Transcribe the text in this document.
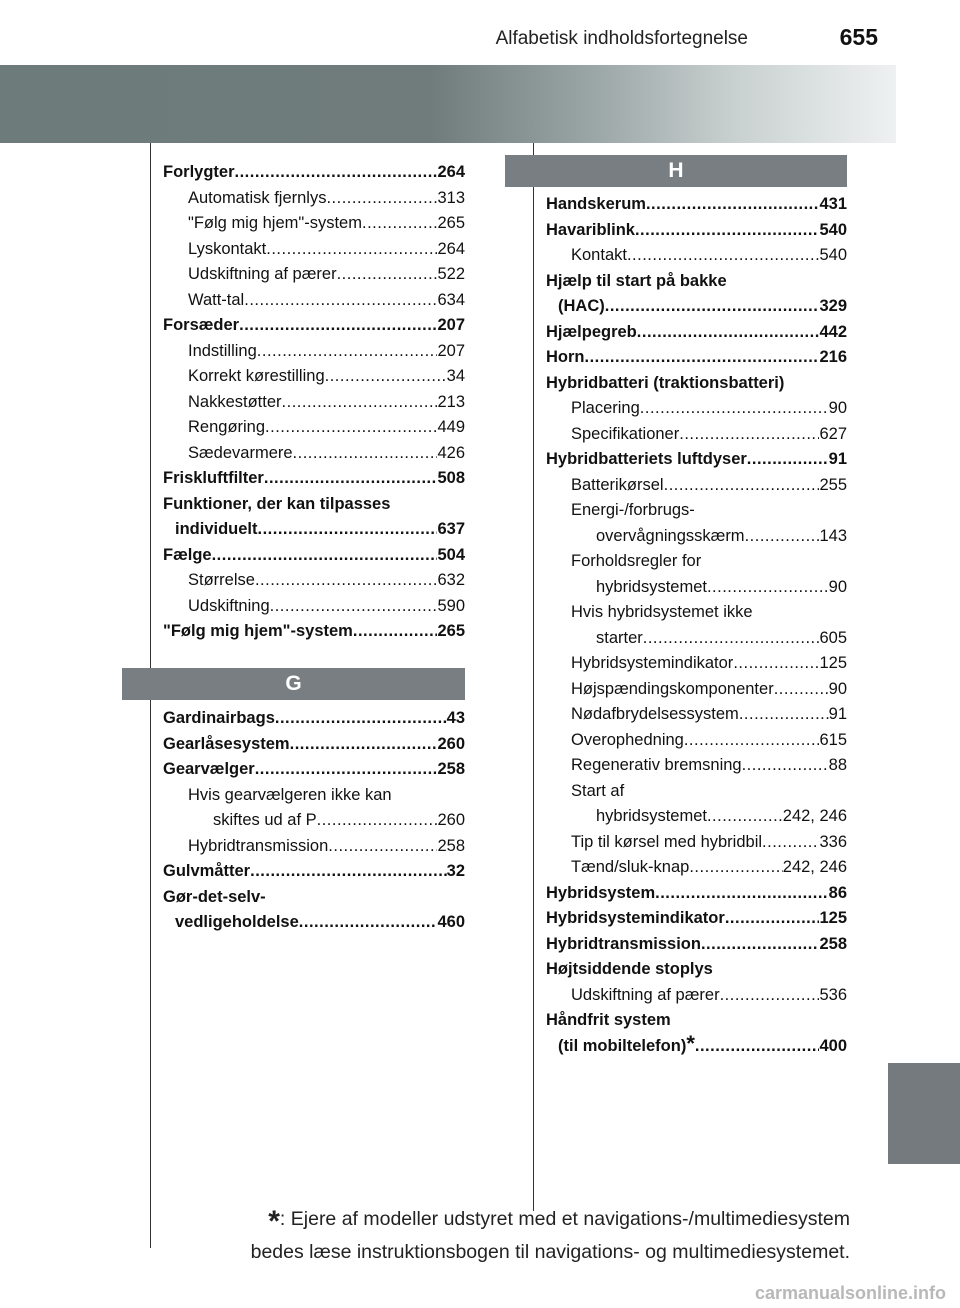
Alfabetisk indholdsfortegnelse	655
H
G
Forlygter .....	264
Automatisk fjernlys .....	313
"Følg mig hjem"-system .....	265
Lyskontakt .....	264
Udskiftning af pærer .....	522
Watt-tal .....	634
Forsæder .....	207
Indstilling .....	207
Korrekt kørestilling .....	34
Nakkestøtter .....	213
Rengøring .....	449
Sædevarmere .....	426
Friskluftfilter .....	508
Funktioner, der kan tilpasses
individuelt .....	637
Fælge .....	504
Størrelse .....	632
Udskiftning .....	590
"Følg mig hjem"-system .....	265
Gardinairbags .....	43
Gearlåsesystem .....	260
Gearvælger .....	258
Hvis gearvælgeren ikke kan
skiftes ud af P .....	260
Hybridtransmission .....	258
Gulvmåtter .....	32
Gør-det-selv-
vedligeholdelse .....	460
Handskerum .....	431
Havariblink .....	540
Kontakt .....	540
Hjælp til start på bakke
(HAC) .....	329
Hjælpegreb .....	442
Horn .....	216
Hybridbatteri (traktionsbatteri)
Placering .....	90
Specifikationer .....	627
Hybridbatteriets luftdyser .....	91
Batterikørsel .....	255
Energi-/forbrugs-
overvågningsskærm .....	143
Forholdsregler for
hybridsystemet .....	90
Hvis hybridsystemet ikke
starter .....	605
Hybridsystemindikator .....	125
Højspændingskomponenter .....	90
Nødafbrydelsessystem .....	91
Overophedning .....	615
Regenerativ bremsning .....	88
Start af
hybridsystemet .....	242, 246
Tip til kørsel med hybridbil .....	336
Tænd/sluk-knap .....	242, 246
Hybridsystem .....	86
Hybridsystemindikator .....	125
Hybridtransmission .....	258
Højtsiddende stoplys
Udskiftning af pærer .....	536
Håndfrit system
(til mobiltelefon) * .....	400
*: Ejere af modeller udstyret med et navigations-/multimediesystem
bedes læse instruktionsbogen til navigations- og multimediesystemet.
carmanualsonline.info
